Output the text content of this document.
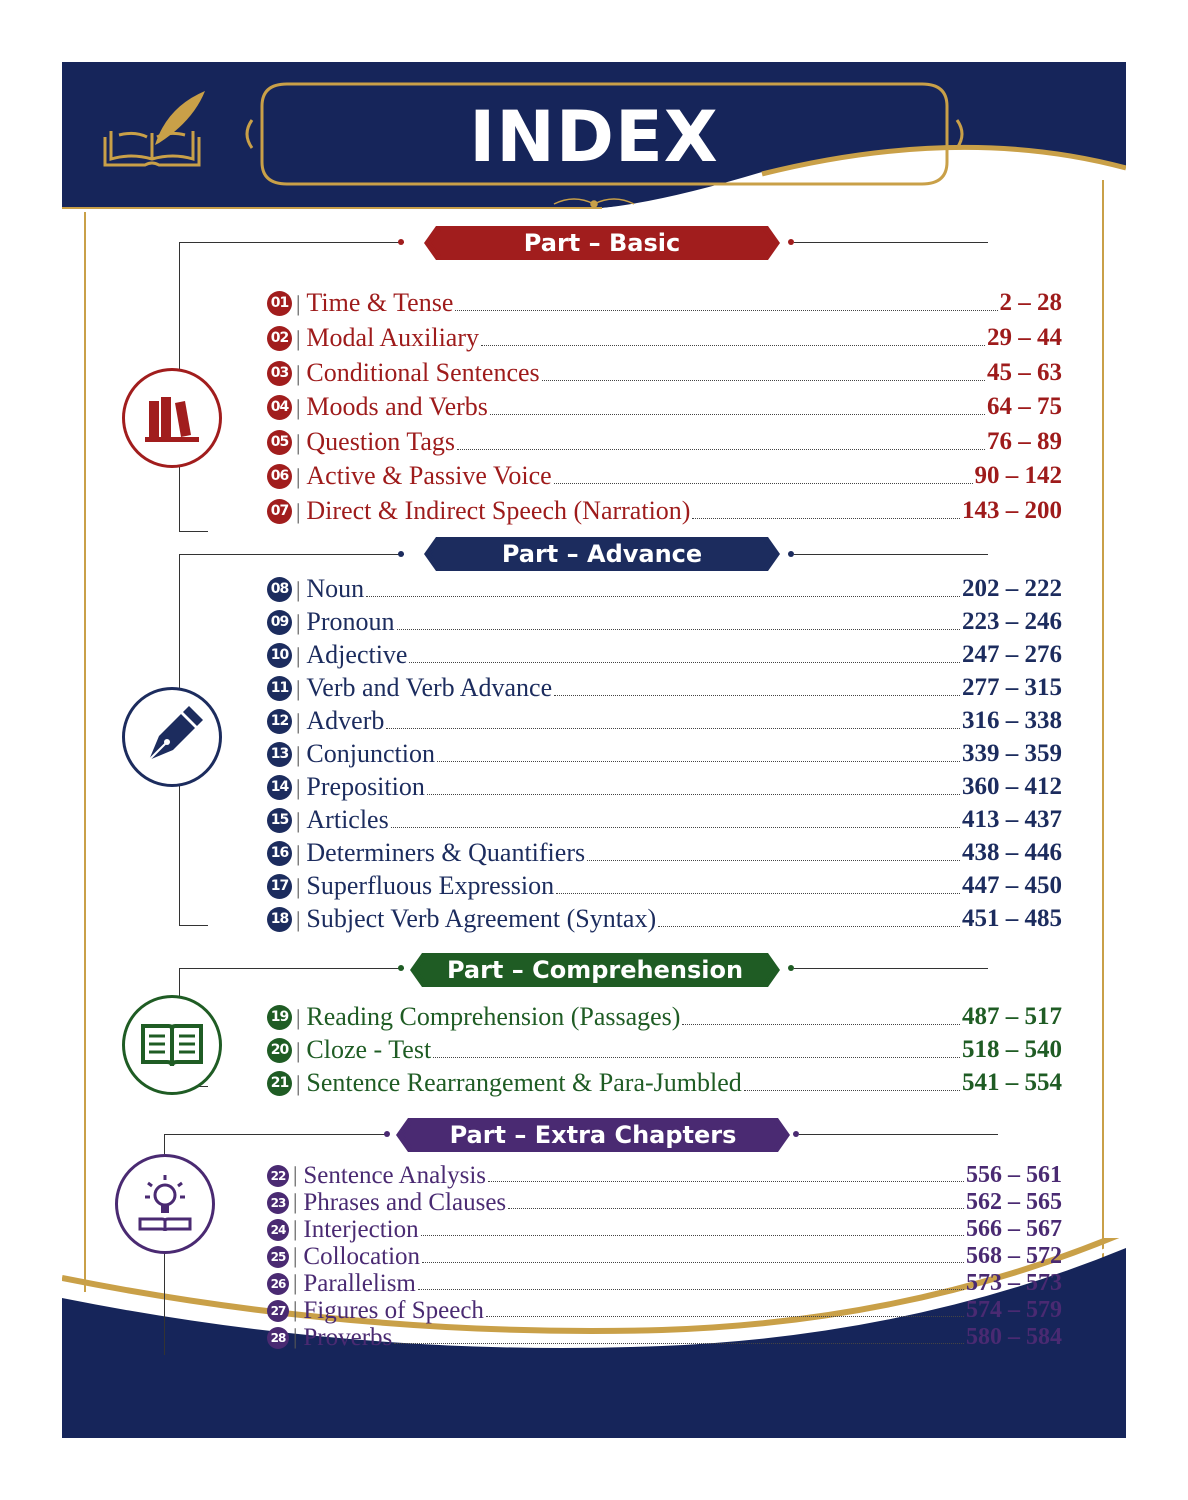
INDEX
Part – Basic
01 | Time & Tense	2 – 28
02 | Modal Auxiliary	29 – 44
03 | Conditional Sentences	45 – 63
04 | Moods and Verbs	64 – 75
05 | Question Tags	76 – 89
06 | Active & Passive Voice	90 – 142
07 | Direct & Indirect Speech (Narration)	143 – 200
Part – Advance
08 | Noun	202 – 222
09 | Pronoun	223 – 246
10 | Adjective	247 – 276
11 | Verb and Verb Advance	277 – 315
12 | Adverb	316 – 338
13 | Conjunction	339 – 359
14 | Preposition	360 – 412
15 | Articles	413 – 437
16 | Determiners & Quantifiers	438 – 446
17 | Superfluous Expression	447 – 450
18 | Subject Verb Agreement (Syntax)	451 – 485
Part – Comprehension
19 | Reading Comprehension (Passages)	487 – 517
20 | Cloze - Test	518 – 540
21 | Sentence Rearrangement & Para-Jumbled	541 – 554
Part – Extra Chapters
22 | Sentence Analysis	556 – 561
23 | Phrases and Clauses	562 – 565
24 | Interjection	566 – 567
25 | Collocation	568 – 572
26 | Parallelism	573 – 573
27 | Figures of Speech	574 – 579
28 | Proverbs	580 – 584
